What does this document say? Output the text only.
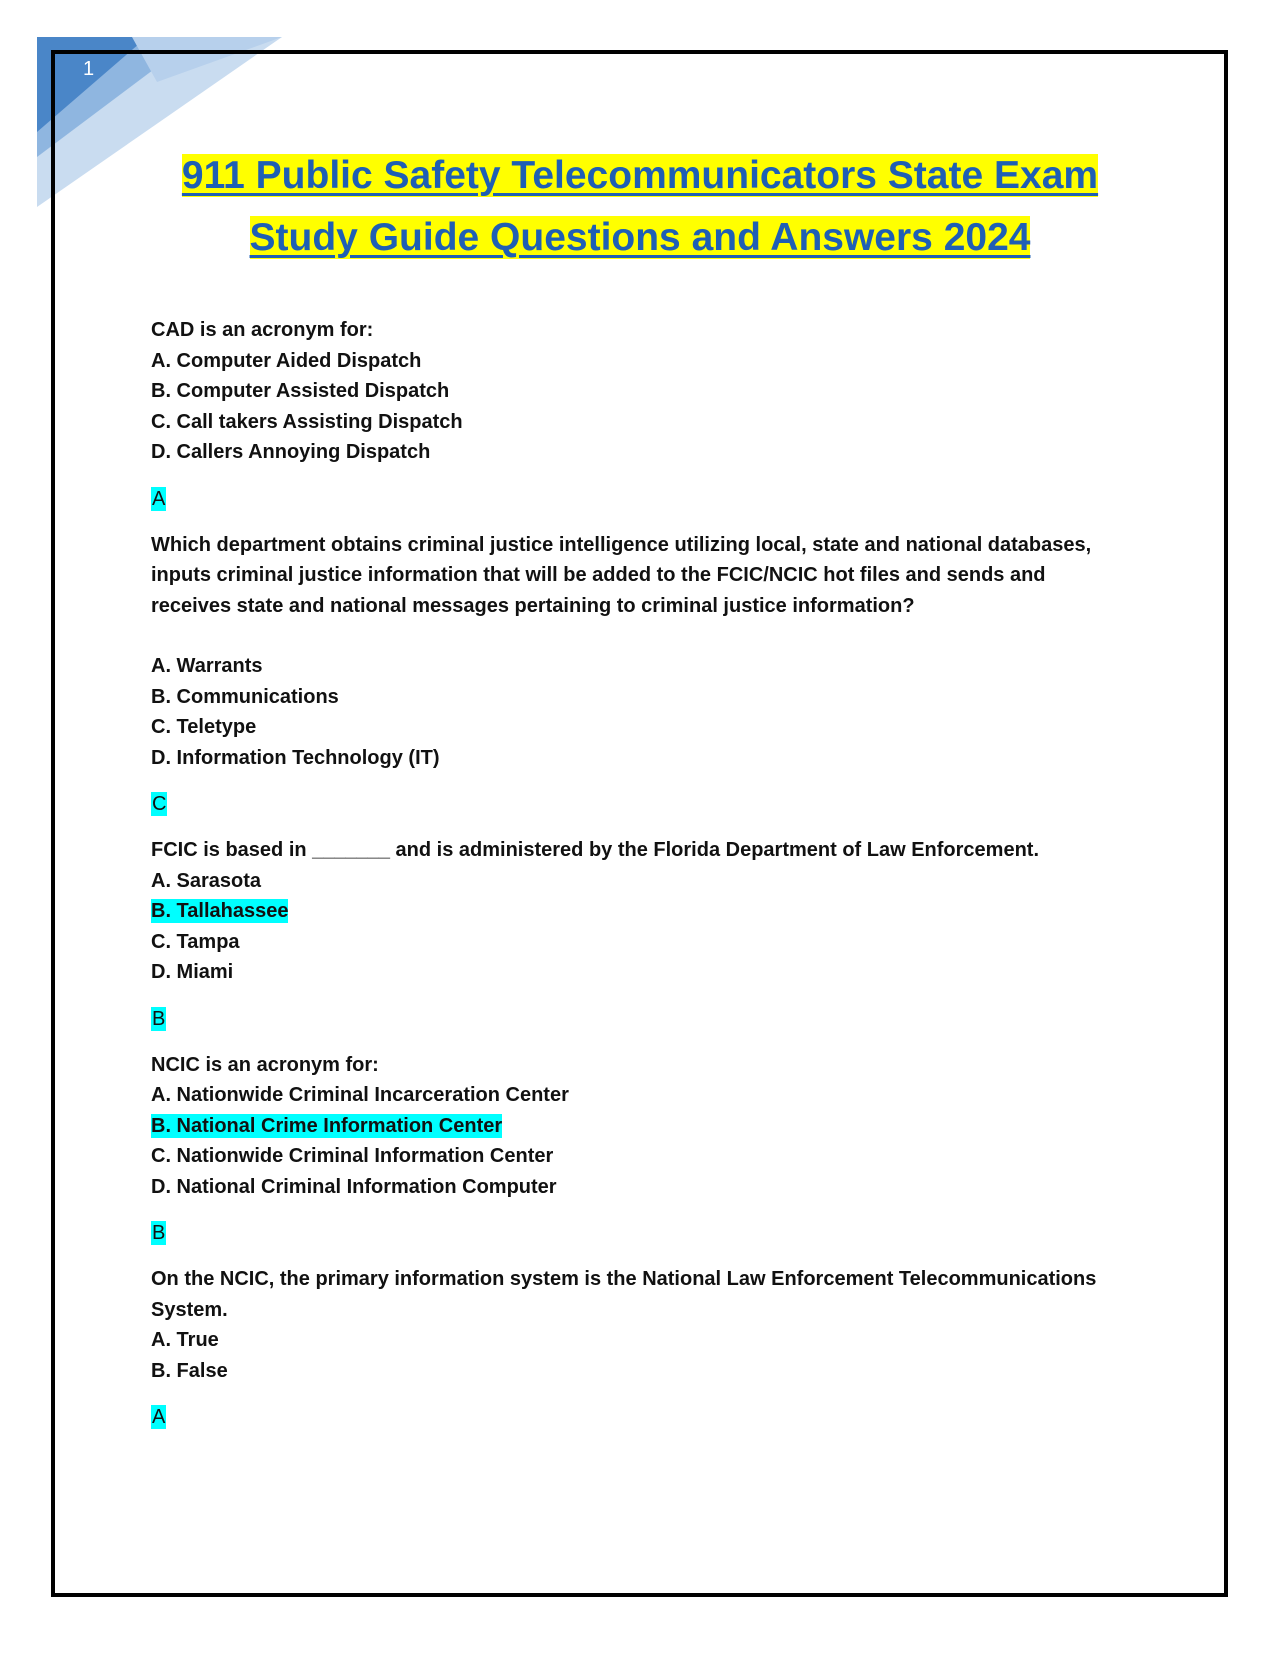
1
911 Public Safety Telecommunicators State Exam
Study Guide Questions and Answers 2024
CAD is an acronym for:
A. Computer Aided Dispatch
B. Computer Assisted Dispatch
C. Call takers Assisting Dispatch
D. Callers Annoying Dispatch
A
Which department obtains criminal justice intelligence utilizing local, state and national databases,
inputs criminal justice information that will be added to the FCIC/NCIC hot files and sends and
receives state and national messages pertaining to criminal justice information?
A. Warrants
B. Communications
C. Teletype
D. Information Technology (IT)
C
FCIC is based in _______ and is administered by the Florida Department of Law Enforcement.
A. Sarasota
B. Tallahassee
C. Tampa
D. Miami
B
NCIC is an acronym for:
A. Nationwide Criminal Incarceration Center
B. National Crime Information Center
C. Nationwide Criminal Information Center
D. National Criminal Information Computer
B
On the NCIC, the primary information system is the National Law Enforcement Telecommunications
System.
A. True
B. False
A
